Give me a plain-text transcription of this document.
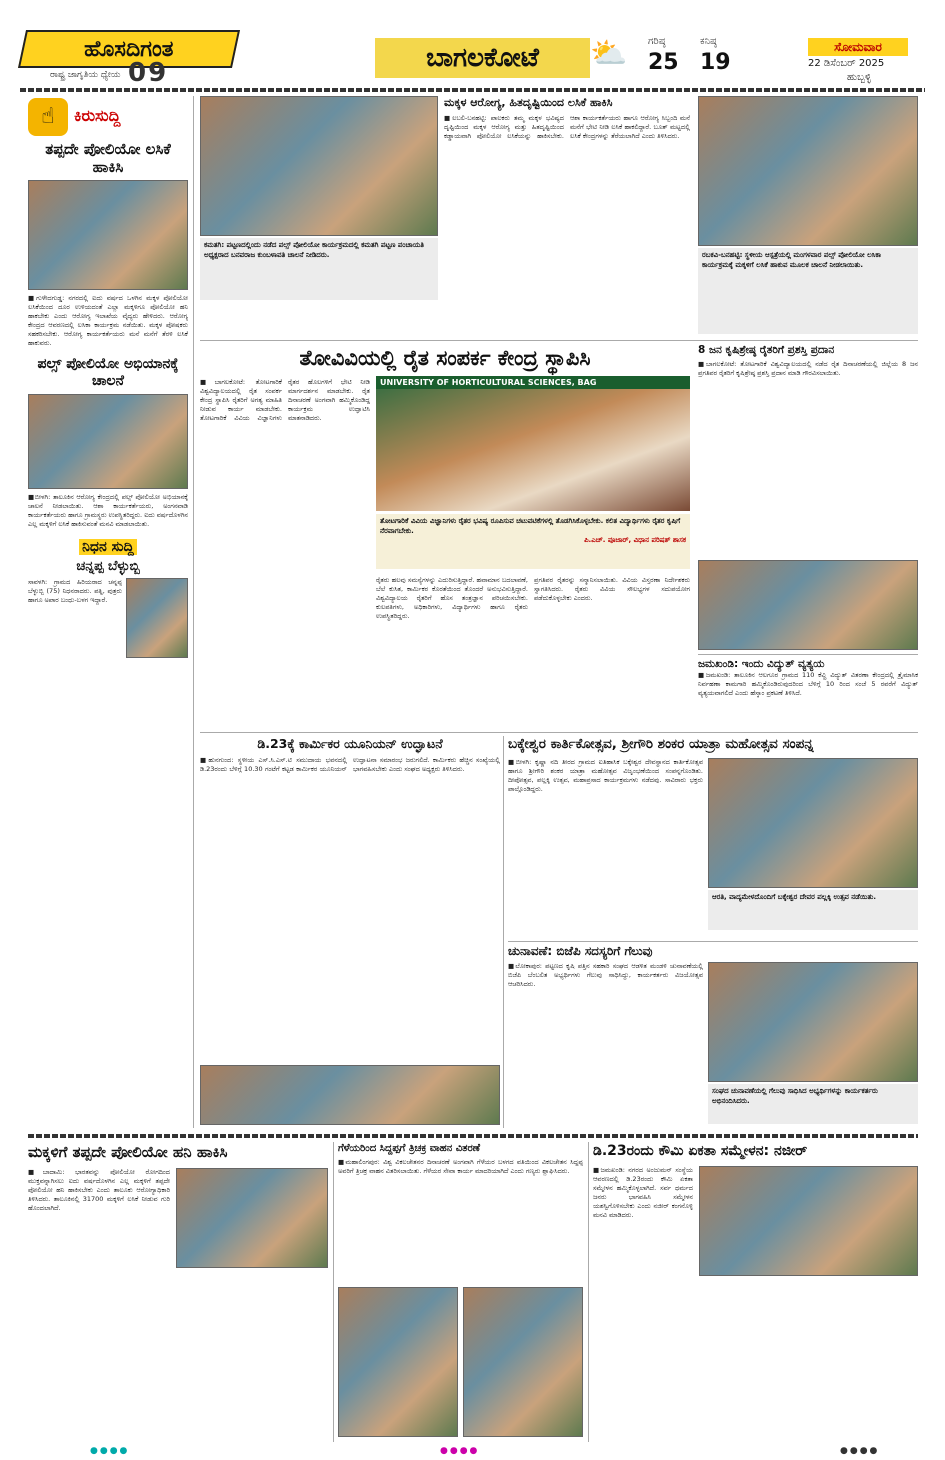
ಹೊಸದಿಗಂತ
ರಾಷ್ಟ್ರ ಜಾಗೃತಿಯ ಧ್ಯೇಯ 09	ಬಾಗಲಕೋಟೆ	⛅ ಗರಿಷ್ಠ
25
ಕನಿಷ್ಠ
19
ಸೋಮವಾರ
22 ಡಿಸೆಂಬರ್ 2025
ಹುಬ್ಬಳ್ಳಿ
☝	ಕಿರುಸುದ್ದಿ
ತಪ್ಪದೇ ಪೋಲಿಯೋ ಲಸಿಕೆ ಹಾಕಿಸಿ
■ಗುಳೇದಗುಡ್ಡ: ನಗರದಲ್ಲಿ ಐದು ವರ್ಷದ ಒಳಗಿನ ಮಕ್ಕಳ ಪೋಲಿಯೋ ಲಸಿಕೆಯಿಂದ ದೂರ ಉಳಿಯದಂತೆ ಎಲ್ಲಾ ಮಕ್ಕಳಿಗೂ ಪೋಲಿಯೋ ಹನಿ ಹಾಕಬೇಕು ಎಂದು ಆರೋಗ್ಯ ಇಲಾಖೆಯ ವೈದ್ಯರು ಹೇಳಿದರು. ಆರೋಗ್ಯ ಕೇಂದ್ರದ ಆವರಣದಲ್ಲಿ ಲಸಿಕಾ ಕಾರ್ಯಕ್ರಮ ನಡೆಯಿತು. ಮಕ್ಕಳ ಪೋಷಕರು ಸಹಕರಿಸಬೇಕು. ಆರೋಗ್ಯ ಕಾರ್ಯಕರ್ತೆಯರು ಮನೆ ಮನೆಗೆ ತೆರಳಿ ಲಸಿಕೆ ಹಾಕುವರು.
ಪಲ್ಸ್ ಪೋಲಿಯೋ ಅಭಿಯಾನಕ್ಕೆ ಚಾಲನೆ
■ಬೀಳಗಿ: ತಾಲೂಕಿನ ಆರೋಗ್ಯ ಕೇಂದ್ರದಲ್ಲಿ ಪಲ್ಸ್ ಪೋಲಿಯೋ ಅಭಿಯಾನಕ್ಕೆ ಚಾಲನೆ ನೀಡಲಾಯಿತು. ಆಶಾ ಕಾರ್ಯಕರ್ತೆಯರು, ಅಂಗನವಾಡಿ ಕಾರ್ಯಕರ್ತೆಯರು ಹಾಗೂ ಗ್ರಾಮಸ್ಥರು ಉಪಸ್ಥಿತರಿದ್ದರು. ಐದು ವರ್ಷದೊಳಗಿನ ಎಲ್ಲ ಮಕ್ಕಳಿಗೆ ಲಸಿಕೆ ಹಾಕಿಸುವಂತೆ ಮನವಿ ಮಾಡಲಾಯಿತು.
ನಿಧನ ಸುದ್ದಿ
ಚನ್ನಪ್ಪ ಬೆಳ್ಳುಬ್ಬಿ
ಸಾವಳಗಿ: ಗ್ರಾಮದ ಹಿರಿಯರಾದ ಚನ್ನಪ್ಪ ಬೆಳ್ಳುಬ್ಬಿ (75) ನಿಧನರಾದರು. ಪತ್ನಿ, ಪುತ್ರರು ಹಾಗೂ ಅಪಾರ ಬಂಧು-ಬಳಗ ಇದ್ದಾರೆ.
ಕಮತಗಿ: ಪಟ್ಟಣದಲ್ಲಿಂದು ನಡೆದ ಪಲ್ಸ್ ಪೋಲಿಯೋ ಕಾರ್ಯಕ್ರಮದಲ್ಲಿ ಕಮತಗಿ ಪಟ್ಟಣ ಪಂಚಾಯತಿ ಅಧ್ಯಕ್ಷರಾದ ಬನವರಾಜ ಕುಂಬಳಾವತಿ ಚಾಲನೆ ನೀಡಿದರು.
ಮಕ್ಕಳ ಆರೋಗ್ಯ, ಹಿತದೃಷ್ಟಿಯಿಂದ ಲಸಿಕೆ ಹಾಕಿಸಿ
■ಲಬಲಿ-ಬನಹಟ್ಟಿ: ಪಾಲಕರು ತಮ್ಮ ಮಕ್ಕಳ ಭವಿಷ್ಯದ ದೃಷ್ಟಿಯಿಂದ ಮಕ್ಕಳ ಆರೋಗ್ಯ ಮತ್ತು ಹಿತದೃಷ್ಟಿಯಿಂದ ಕಡ್ಡಾಯವಾಗಿ ಪೋಲಿಯೋ ಲಸಿಕೆಯನ್ನು ಹಾಕಿಸಬೇಕು. ಆಶಾ ಕಾರ್ಯಕರ್ತೆಯರು ಹಾಗೂ ಆರೋಗ್ಯ ಸಿಬ್ಬಂದಿ ಮನೆ ಮನೆಗೆ ಭೇಟಿ ನೀಡಿ ಲಸಿಕೆ ಹಾಕಲಿದ್ದಾರೆ. ಬೂತ್ ಮಟ್ಟದಲ್ಲಿ ಲಸಿಕೆ ಕೇಂದ್ರಗಳನ್ನು ತೆರೆಯಲಾಗಿದೆ ಎಂದು ತಿಳಿಸಿದರು.
ರಬಕವಿ-ಬನಹಟ್ಟಿ: ಸ್ಥಳೀಯ ಆಸ್ಪತ್ರೆಯಲ್ಲಿ ಮಂಗಳವಾರ ಪಲ್ಸ್ ಪೋಲಿಯೋ ಲಸಿಕಾ ಕಾರ್ಯಕ್ರಮಕ್ಕೆ ಮಕ್ಕಳಿಗೆ ಲಸಿಕೆ ಹಾಕುವ ಮೂಲಕ ಚಾಲನೆ ನೀಡಲಾಯಿತು.
ತೋವಿವಿಯಲ್ಲಿ ರೈತ ಸಂಪರ್ಕ ಕೇಂದ್ರ ಸ್ಥಾಪಿಸಿ
UNIVERSITY OF HORTICULTURAL SCIENCES, BAG
ತೋಟಗಾರಿಕೆ ವಿವಿಯ ವಿಜ್ಞಾನಿಗಳು ರೈತರ ಭವಿಷ್ಯ ರೂಪಿಸುವ ಚಟುವಟಿಕೆಗಳಲ್ಲಿ ತೊಡಗಿಸಿಕೊಳ್ಳಬೇಕು. ಕಲಿತ ವಿದ್ಯಾರ್ಥಿಗಳು ರೈತರ ಕೃಷಿಗೆ ನೆರವಾಗಬೇಕು.
ಪಿ.ಎಚ್. ಪೂಜಾರ್, ವಿಧಾನ ಪರಿಷತ್ ಶಾಸಕ
■ಬಾಗಲಕೋಟೆ: ತೋಟಗಾರಿಕೆ ವಿಶ್ವವಿದ್ಯಾಲಯದಲ್ಲಿ ರೈತ ಸಂಪರ್ಕ ಕೇಂದ್ರ ಸ್ಥಾಪಿಸಿ ರೈತರಿಗೆ ಅಗತ್ಯ ಮಾಹಿತಿ ನೀಡುವ ಕಾರ್ಯ ಮಾಡಬೇಕು. ತೋಟಗಾರಿಕೆ ವಿವಿಯ ವಿಜ್ಞಾನಿಗಳು ರೈತರ ಹೊಲಗಳಿಗೆ ಭೇಟಿ ನೀಡಿ ಮಾರ್ಗದರ್ಶನ ಮಾಡಬೇಕು. ರೈತ ದಿನಾಚರಣೆ ಅಂಗವಾಗಿ ಹಮ್ಮಿಕೊಂಡಿದ್ದ ಕಾರ್ಯಕ್ರಮ ಉದ್ಘಾಟಿಸಿ ಮಾತನಾಡಿದರು.
ರೈತರು ಹಲವು ಸಮಸ್ಯೆಗಳನ್ನು ಎದುರಿಸುತ್ತಿದ್ದಾರೆ. ಹವಾಮಾನ ಬದಲಾವಣೆ, ಬೆಲೆ ಕುಸಿತ, ಕಾರ್ಮಿಕರ ಕೊರತೆಯಿಂದ ತೊಂದರೆ ಅನುಭವಿಸುತ್ತಿದ್ದಾರೆ. ವಿಶ್ವವಿದ್ಯಾಲಯ ರೈತರಿಗೆ ಹೊಸ ತಂತ್ರಜ್ಞಾನ ಪರಿಚಯಿಸಬೇಕು. ಕುಲಪತಿಗಳು, ಅಧಿಕಾರಿಗಳು, ವಿದ್ಯಾರ್ಥಿಗಳು ಹಾಗೂ ರೈತರು ಉಪಸ್ಥಿತರಿದ್ದರು.
ಪ್ರಗತಿಪರ ರೈತರನ್ನು ಸನ್ಮಾನಿಸಲಾಯಿತು. ವಿವಿಯ ವಿಸ್ತರಣಾ ನಿರ್ದೇಶಕರು ಸ್ವಾಗತಿಸಿದರು. ರೈತರು ವಿವಿಯ ಸೌಲಭ್ಯಗಳ ಸದುಪಯೋಗ ಪಡೆದುಕೊಳ್ಳಬೇಕು ಎಂದರು.
8 ಜನ ಕೃಷಿಶ್ರೇಷ್ಠ ರೈತರಿಗೆ ಪ್ರಶಸ್ತಿ ಪ್ರದಾನ
■ಬಾಗಲಕೋಟೆ: ತೋಟಗಾರಿಕೆ ವಿಶ್ವವಿದ್ಯಾಲಯದಲ್ಲಿ ನಡೆದ ರೈತ ದಿನಾಚರಣೆಯಲ್ಲಿ ಜಿಲ್ಲೆಯ 8 ಜನ ಪ್ರಗತಿಪರ ರೈತರಿಗೆ ಕೃಷಿಶ್ರೇಷ್ಠ ಪ್ರಶಸ್ತಿ ಪ್ರದಾನ ಮಾಡಿ ಗೌರವಿಸಲಾಯಿತು.
ಜಮಖಂಡಿ: ಇಂದು ವಿದ್ಯುತ್ ವ್ಯತ್ಯಯ
■ಜಮಖಂಡಿ: ತಾಲೂಕಿನ ಆಲಗೂರ ಗ್ರಾಮದ 110 ಕೆವ್ಹಿ ವಿದ್ಯುತ್ ವಿತರಣಾ ಕೇಂದ್ರದಲ್ಲಿ ತ್ರೈಮಾಸಿಕ ನಿರ್ವಹಣಾ ಕಾಮಗಾರಿ ಹಮ್ಮಿಕೊಂಡಿರುವುದರಿಂದ ಬೆಳಿಗ್ಗೆ 10 ರಿಂದ ಸಂಜೆ 5 ರವರೆಗೆ ವಿದ್ಯುತ್ ವ್ಯತ್ಯಯವಾಗಲಿದೆ ಎಂದು ಹೆಸ್ಕಾಂ ಪ್ರಕಟಣೆ ತಿಳಿಸಿದೆ.
ಡಿ.23ಕ್ಕೆ ಕಾರ್ಮಿಕರ ಯೂನಿಯನ್ ಉದ್ಘಾಟನೆ
■ಹುನಗುಂದ: ಸ್ಥಳೀಯ ಎಸ್.ಸಿ.ಎಸ್.ಟಿ ಸಮುದಾಯ ಭವನದಲ್ಲಿ ಡಿ.23ರಂದು ಬೆಳಿಗ್ಗೆ 10.30 ಗಂಟೆಗೆ ಕಟ್ಟಡ ಕಾರ್ಮಿಕರ ಯೂನಿಯನ್ ಉದ್ಘಾಟನಾ ಸಮಾರಂಭ ಜರುಗಲಿದೆ. ಕಾರ್ಮಿಕರು ಹೆಚ್ಚಿನ ಸಂಖ್ಯೆಯಲ್ಲಿ ಭಾಗವಹಿಸಬೇಕು ಎಂದು ಸಂಘದ ಅಧ್ಯಕ್ಷರು ತಿಳಿಸಿದರು.
ಬಕ್ಕೇಶ್ವರ ಕಾರ್ತಿಕೋತ್ಸವ, ಶ್ರೀಗೌರಿ ಶಂಕರ ಯಾತ್ರಾ ಮಹೋತ್ಸವ ಸಂಪನ್ನ
■ಬೀಳಗಿ: ಕೃಷ್ಣಾ ನದಿ ತೀರದ ಗ್ರಾಮದ ಐತಿಹಾಸಿಕ ಬಕ್ಕೇಶ್ವರ ದೇವಸ್ಥಾನದ ಕಾರ್ತಿಕೋತ್ಸವ ಹಾಗೂ ಶ್ರೀಗೌರಿ ಶಂಕರ ಯಾತ್ರಾ ಮಹೋತ್ಸವ ವಿಜೃಂಭಣೆಯಿಂದ ಸಂಪನ್ನಗೊಂಡಿತು. ದೀಪೋತ್ಸವ, ಪಲ್ಲಕ್ಕಿ ಉತ್ಸವ, ಮಹಾಪ್ರಸಾದ ಕಾರ್ಯಕ್ರಮಗಳು ನಡೆದವು. ಸಾವಿರಾರು ಭಕ್ತರು ಪಾಲ್ಗೊಂಡಿದ್ದರು.
ಆರತಿ, ವಾದ್ಯಮೇಳದೊಂದಿಗೆ ಬಕ್ಕೇಶ್ವರ ದೇವರ ಪಲ್ಲಕ್ಕಿ ಉತ್ಸವ ನಡೆಯಿತು.
ಚುನಾವಣೆ: ಬಿಜೆಪಿ ಸದಸ್ಯರಿಗೆ ಗೆಲುವು
■ಲೋಕಾಪುರ: ಪಟ್ಟಣದ ಕೃಷಿ ಪತ್ತಿನ ಸಹಕಾರಿ ಸಂಘದ ಆಡಳಿತ ಮಂಡಳಿ ಚುನಾವಣೆಯಲ್ಲಿ ಬಿಜೆಪಿ ಬೆಂಬಲಿತ ಅಭ್ಯರ್ಥಿಗಳು ಗೆಲುವು ಸಾಧಿಸಿದ್ದು, ಕಾರ್ಯಕರ್ತರು ವಿಜಯೋತ್ಸವ ಆಚರಿಸಿದರು.
ಸಂಘದ ಚುನಾವಣೆಯಲ್ಲಿ ಗೆಲುವು ಸಾಧಿಸಿದ ಅಭ್ಯರ್ಥಿಗಳನ್ನು ಕಾರ್ಯಕರ್ತರು ಅಭಿನಂದಿಸಿದರು.
ಮಕ್ಕಳಿಗೆ ತಪ್ಪದೇ ಪೋಲಿಯೋ ಹನಿ ಹಾಕಿಸಿ
■ಬಾದಾಮಿ: ಭಾರತವನ್ನು ಪೋಲಿಯೋ ರೋಗದಿಂದ ಮುಕ್ತವನ್ನಾಗಿಸಲು ಐದು ವರ್ಷದೊಳಗಿನ ಎಲ್ಲ ಮಕ್ಕಳಿಗೆ ತಪ್ಪದೇ ಪೋಲಿಯೋ ಹನಿ ಹಾಕಿಸಬೇಕು ಎಂದು ತಾಲೂಕು ಆರೋಗ್ಯಾಧಿಕಾರಿ ತಿಳಿಸಿದರು. ತಾಲೂಕಿನಲ್ಲಿ 31700 ಮಕ್ಕಳಿಗೆ ಲಸಿಕೆ ನೀಡುವ ಗುರಿ ಹೊಂದಲಾಗಿದೆ.
ಗೆಳೆಯರಿಂದ ಸಿದ್ದಪ್ಪಗೆ ತ್ರಿಚಕ್ರ ವಾಹನ ವಿತರಣೆ
■ಮಹಾಲಿಂಗಪುರ: ವಿಶ್ವ ವಿಕಲಚೇತನರ ದಿನಾಚರಣೆ ಅಂಗವಾಗಿ ಗೆಳೆಯರ ಬಳಗದ ವತಿಯಿಂದ ವಿಕಲಚೇತನ ಸಿದ್ದಪ್ಪ ಅವರಿಗೆ ತ್ರಿಚಕ್ರ ವಾಹನ ವಿತರಿಸಲಾಯಿತು. ಗೆಳೆಯರ ಸೇವಾ ಕಾರ್ಯ ಮಾದರಿಯಾಗಿದೆ ಎಂದು ಗಣ್ಯರು ಶ್ಲಾಘಿಸಿದರು.
ಡಿ.23ರಂದು ಕೌಮಿ ಏಕತಾ ಸಮ್ಮೇಳನ: ನಜೀರ್
■ಜಮಖಂಡಿ: ನಗರದ ಅಂಜುಮನ್ ಸಂಸ್ಥೆಯ ಆವರಣದಲ್ಲಿ ಡಿ.23ರಂದು ಕೌಮಿ ಏಕತಾ ಸಮ್ಮೇಳನ ಹಮ್ಮಿಕೊಳ್ಳಲಾಗಿದೆ. ಸರ್ವ ಧರ್ಮದ ಜನರು ಭಾಗವಹಿಸಿ ಸಮ್ಮೇಳನ ಯಶಸ್ವಿಗೊಳಿಸಬೇಕು ಎಂದು ನಜೀರ್ ಕಂಗನೊಳ್ಳಿ ಮನವಿ ಮಾಡಿದರು.
●●●●	●●●●	●●●●
